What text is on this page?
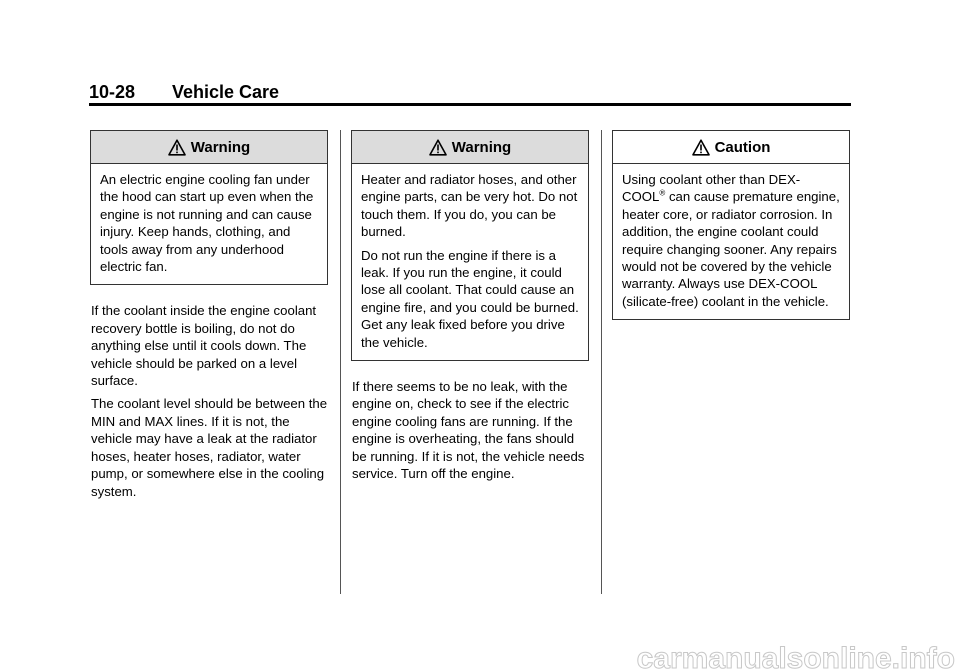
10-28 Vehicle Care
Warning

An electric engine cooling fan under the hood can start up even when the engine is not running and can cause injury. Keep hands, clothing, and tools away from any underhood electric fan.

If the coolant inside the engine coolant recovery bottle is boiling, do not do anything else until it cools down. The vehicle should be parked on a level surface.

The coolant level should be between the MIN and MAX lines. If it is not, the vehicle may have a leak at the radiator hoses, heater hoses, radiator, water pump, or somewhere else in the cooling system.

Warning

Heater and radiator hoses, and other engine parts, can be very hot. Do not touch them. If you do, you can be burned.

Do not run the engine if there is a leak. If you run the engine, it could lose all coolant. That could cause an engine fire, and you could be burned. Get any leak fixed before you drive the vehicle.

If there seems to be no leak, with the engine on, check to see if the electric engine cooling fans are running. If the engine is overheating, the fans should be running. If it is not, the vehicle needs service. Turn off the engine.

Caution

Using coolant other than DEX-COOL® can cause premature engine, heater core, or radiator corrosion. In addition, the engine coolant could require changing sooner. Any repairs would not be covered by the vehicle warranty. Always use DEX-COOL (silicate-free) coolant in the vehicle.

carmanualsonline.info
